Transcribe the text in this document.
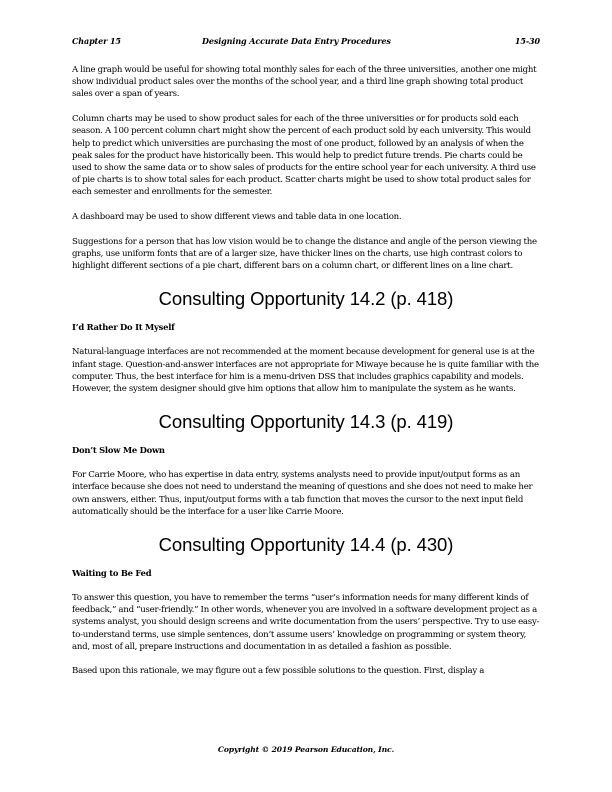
Chapter 15	Designing Accurate Data Entry Procedures	15-30

A line graph would be useful for showing total monthly sales for each of the three universities, another one might show individual product sales over the months of the school year, and a third line graph showing total product sales over a span of years.

Column charts may be used to show product sales for each of the three universities or for products sold each season. A 100 percent column chart might show the percent of each product sold by each university. This would help to predict which universities are purchasing the most of one product, followed by an analysis of when the peak sales for the product have historically been. This would help to predict future trends. Pie charts could be used to show the same data or to show sales of products for the entire school year for each university. A third use of pie charts is to show total sales for each product. Scatter charts might be used to show total product sales for each semester and enrollments for the semester.

A dashboard may be used to show different views and table data in one location.

Suggestions for a person that has low vision would be to change the distance and angle of the person viewing the graphs, use uniform fonts that are of a larger size, have thicker lines on the charts, use high contrast colors to highlight different sections of a pie chart, different bars on a column chart, or different lines on a line chart.

Consulting Opportunity 14.2 (p. 418)
I’d Rather Do It Myself

Natural-language interfaces are not recommended at the moment because development for general use is at the infant stage. Question-and-answer interfaces are not appropriate for Miwaye because he is quite familiar with the computer. Thus, the best interface for him is a menu-driven DSS that includes graphics capability and models. However, the system designer should give him options that allow him to manipulate the system as he wants.

Consulting Opportunity 14.3 (p. 419)
Don’t Slow Me Down

For Carrie Moore, who has expertise in data entry, systems analysts need to provide input/output forms as an interface because she does not need to understand the meaning of questions and she does not need to make her own answers, either. Thus, input/output forms with a tab function that moves the cursor to the next input field automatically should be the interface for a user like Carrie Moore.

Consulting Opportunity 14.4 (p. 430)
Waiting to Be Fed

To answer this question, you have to remember the terms “user’s information needs for many different kinds of feedback,” and “user-friendly.” In other words, whenever you are involved in a software development project as a systems analyst, you should design screens and write documentation from the users’ perspective. Try to use easy-to-understand terms, use simple sentences, don’t assume users’ knowledge on programming or system theory, and, most of all, prepare instructions and documentation in as detailed a fashion as possible.

Based upon this rationale, we may figure out a few possible solutions to the question. First, display a

Copyright © 2019 Pearson Education, Inc.
